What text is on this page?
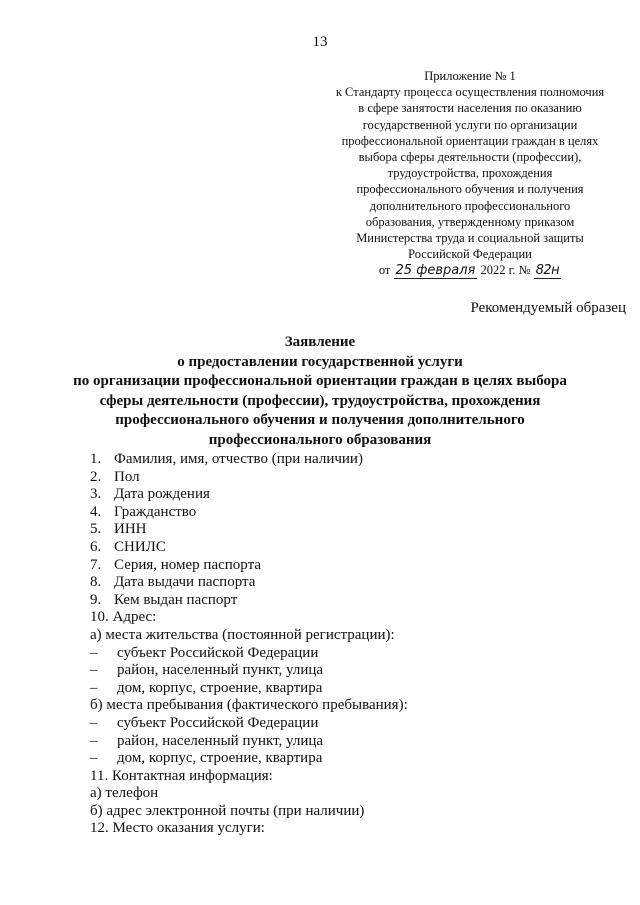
13
Приложение № 1
к Стандарту процесса осуществления полномочия
в сфере занятости населения по оказанию
государственной услуги по организации
профессиональной ориентации граждан в целях
выбора сферы деятельности (профессии),
трудоустройства, прохождения
профессионального обучения и получения
дополнительного профессионального
образования, утвержденному приказом
Министерства труда и социальной защиты
Российской Федерации
от 25 февраля 2022 г. № 82н
Рекомендуемый образец
Заявление
о предоставлении государственной услуги
по организации профессиональной ориентации граждан в целях выбора
сферы деятельности (профессии), трудоустройства, прохождения
профессионального обучения и получения дополнительного
профессионального образования
1. Фамилия, имя, отчество (при наличии)
2. Пол
3. Дата рождения
4. Гражданство
5. ИНН
6. СНИЛС
7. Серия, номер паспорта
8. Дата выдачи паспорта
9. Кем выдан паспорт
10. Адрес:
а) места жительства (постоянной регистрации):
– субъект Российской Федерации
– район, населенный пункт, улица
– дом, корпус, строение, квартира
б) места пребывания (фактического пребывания):
– субъект Российской Федерации
– район, населенный пункт, улица
– дом, корпус, строение, квартира
11. Контактная информация:
а) телефон
б) адрес электронной почты (при наличии)
12. Место оказания услуги:
